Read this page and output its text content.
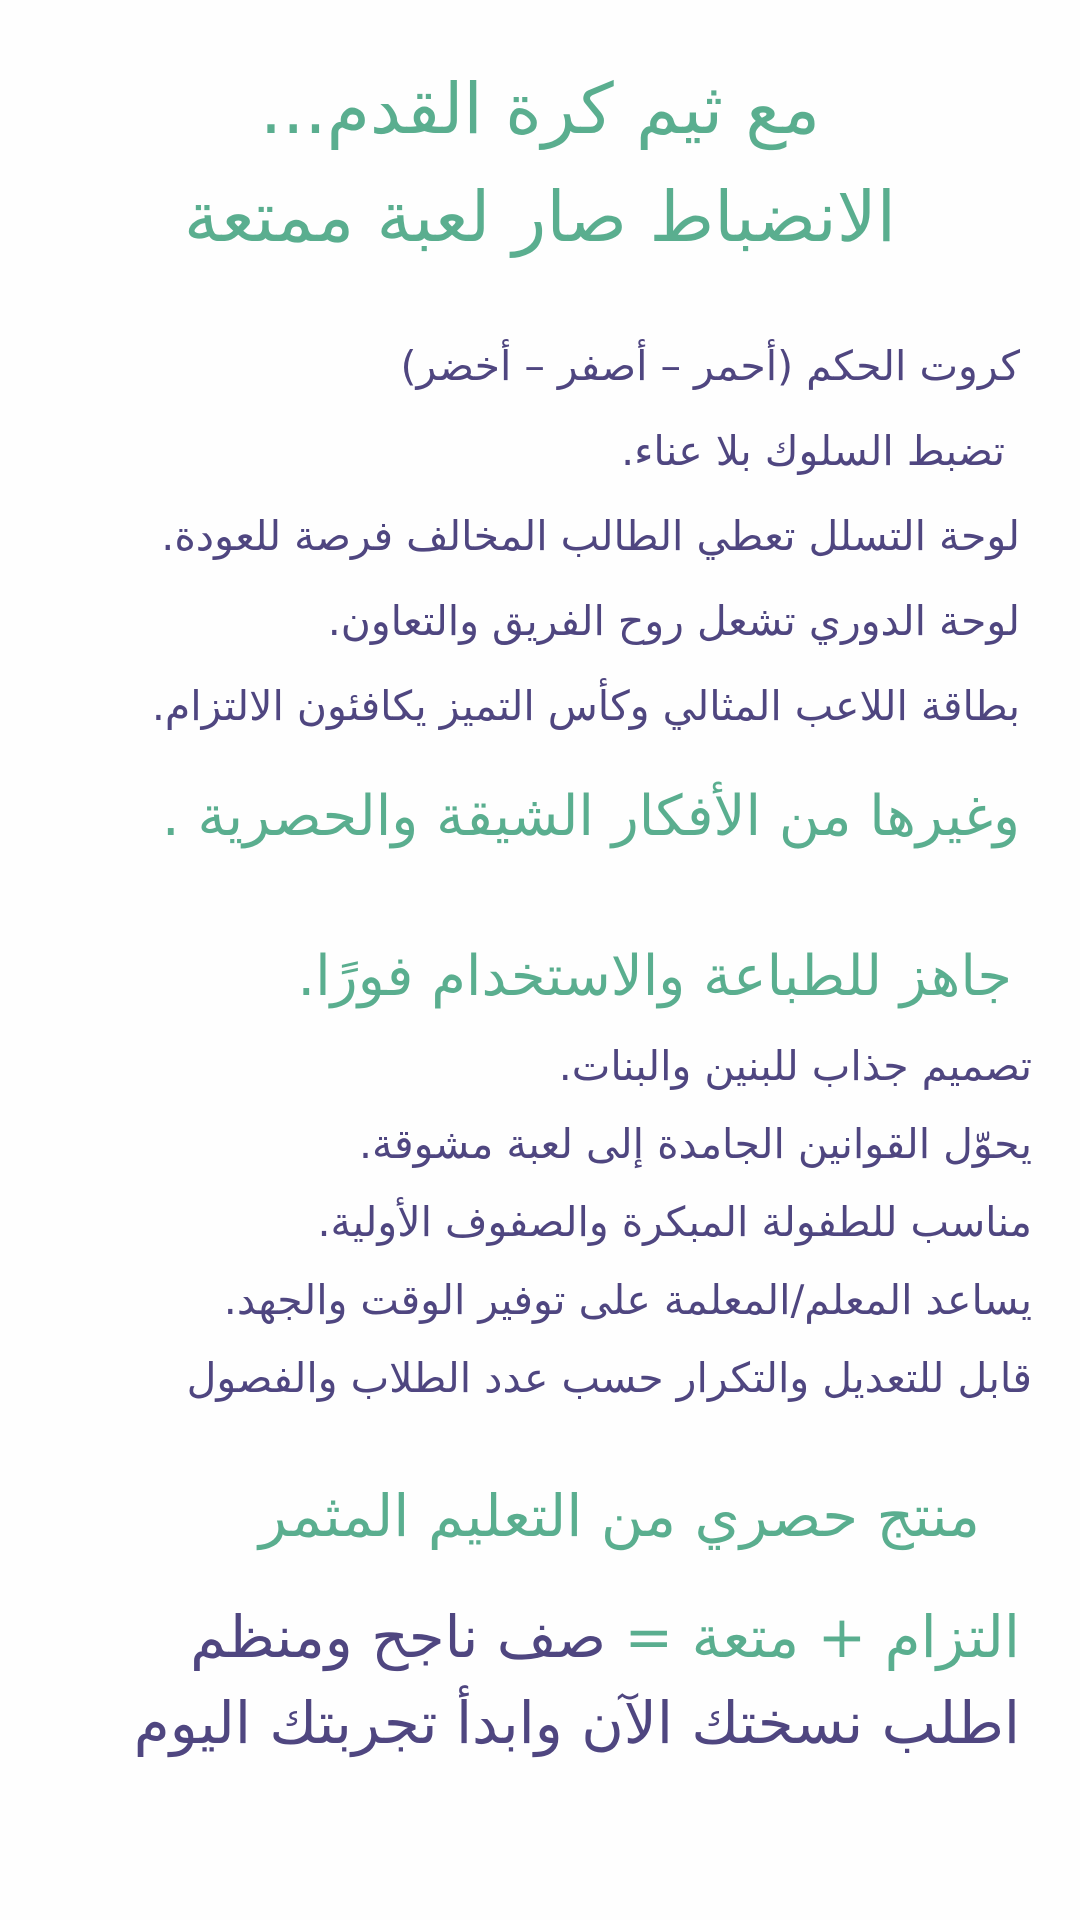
مع ثيم كرة القدم...
الانضباط صار لعبة ممتعة

كروت الحكم (أحمر – أصفر – أخضر)

تضبط السلوك بلا عناء.

لوحة التسلل تعطي الطالب المخالف فرصة للعودة.

لوحة الدوري تشعل روح الفريق والتعاون.

بطاقة اللاعب المثالي وكأس التميز يكافئون الالتزام.

وغيرها من الأفكار الشيقة والحصرية .

جاهز للطباعة والاستخدام فورًا.

تصميم جذاب للبنين والبنات.

يحوّل القوانين الجامدة إلى لعبة مشوقة.

مناسب للطفولة المبكرة والصفوف الأولية.

يساعد المعلم/المعلمة على توفير الوقت والجهد.

قابل للتعديل والتكرار حسب عدد الطلاب والفصول

منتج حصري من التعليم المثمر

التزام + متعة = صف ناجح ومنظم

اطلب نسختك الآن وابدأ تجربتك اليوم
